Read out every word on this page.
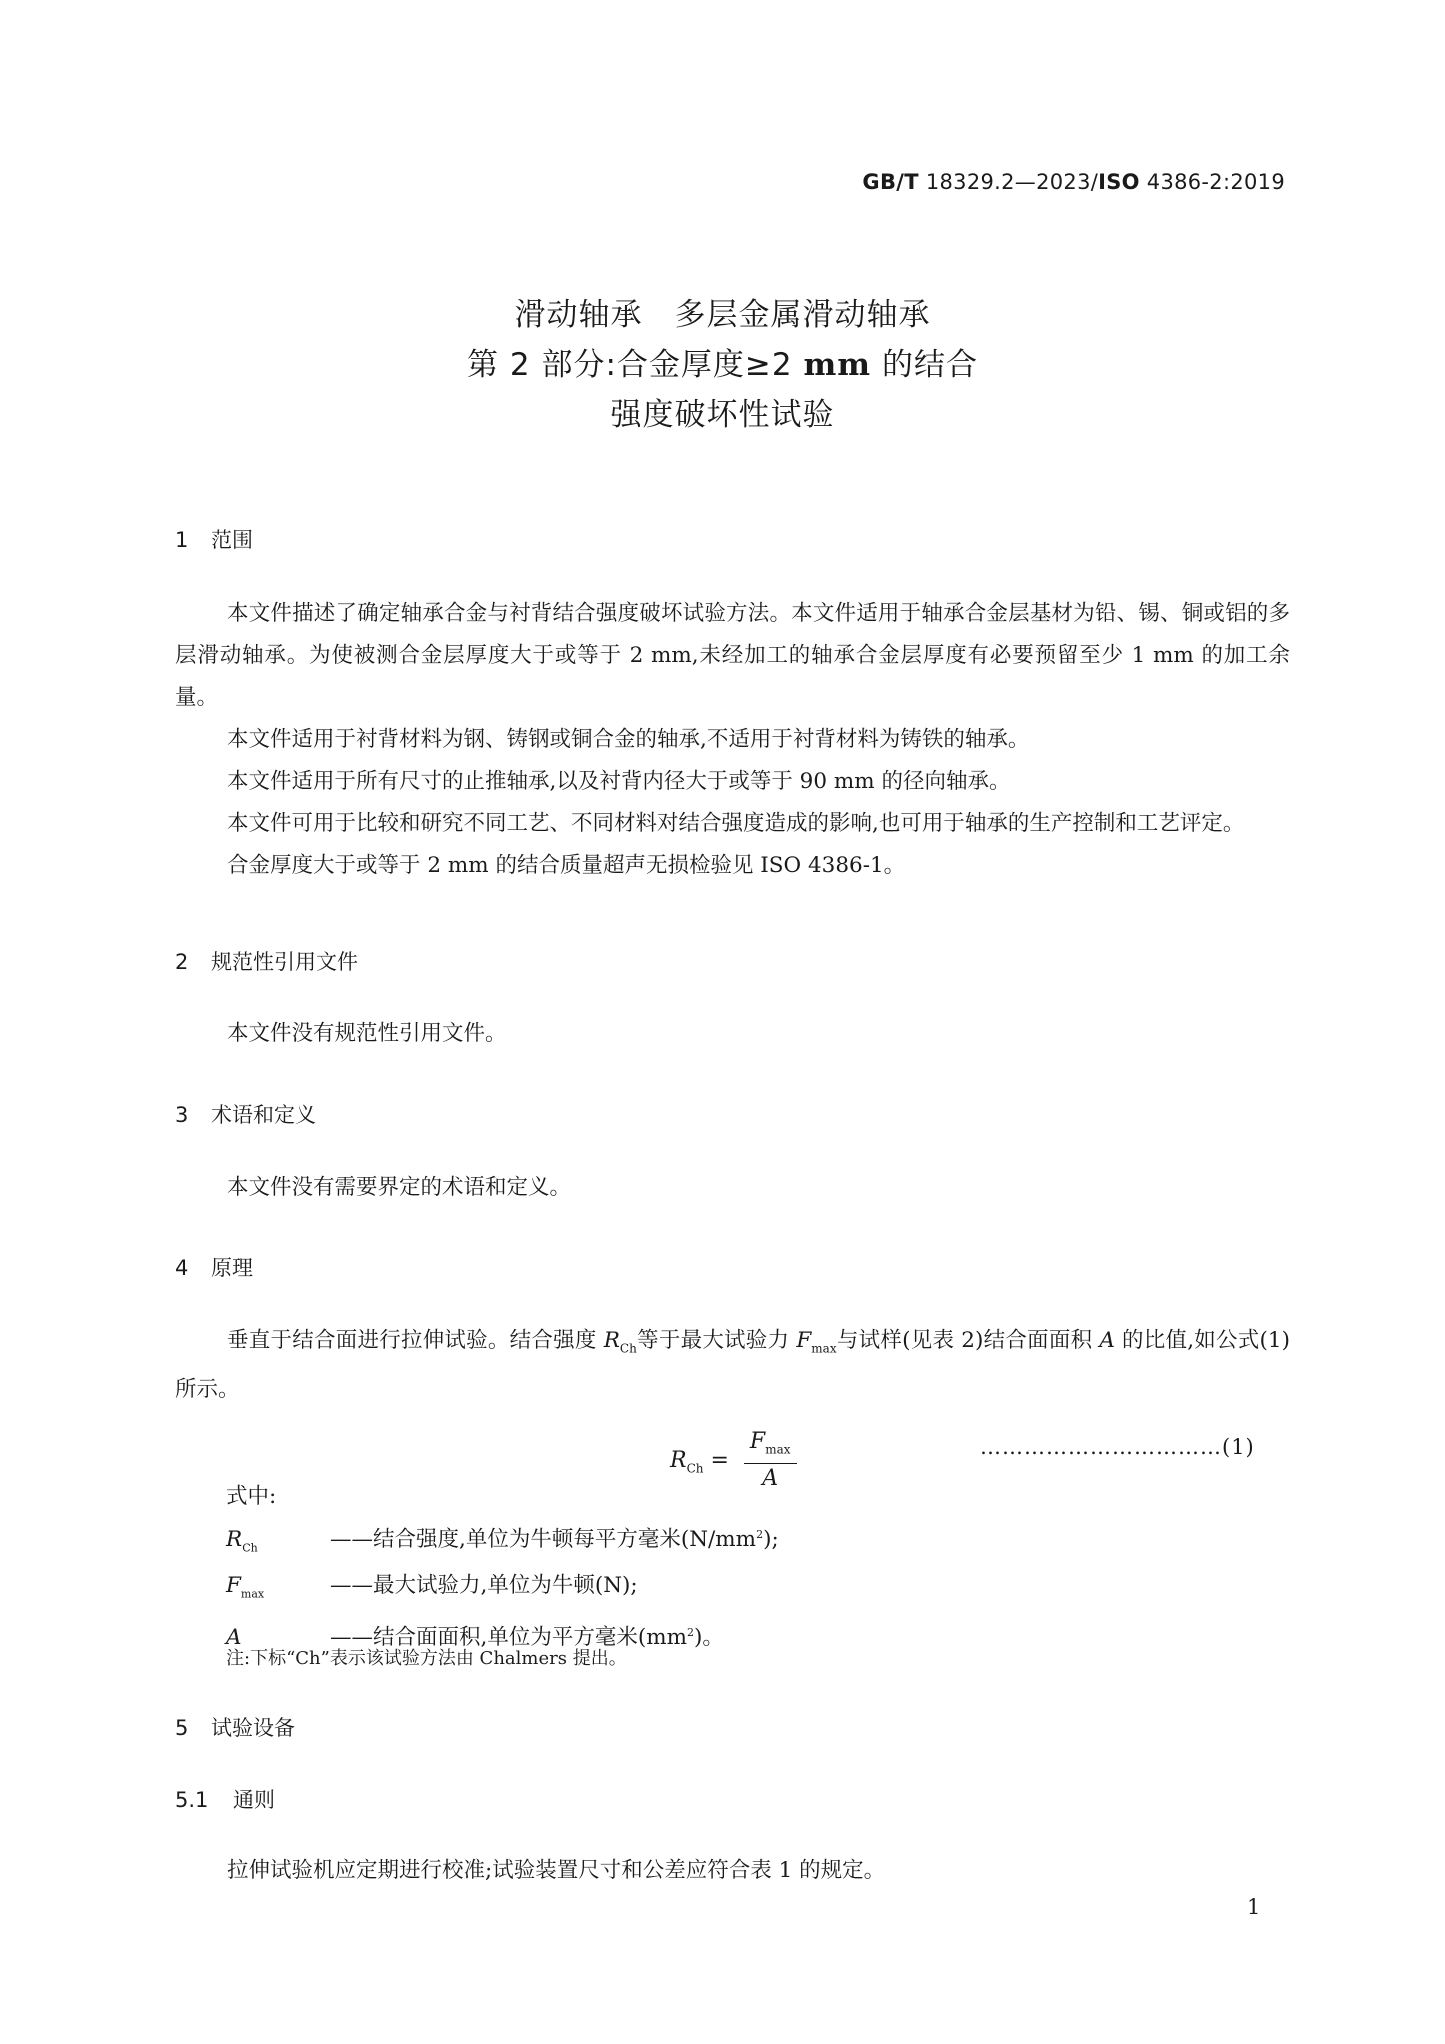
GB/T 18329.2—2023/ISO 4386-2:2019
滑动轴承　多层金属滑动轴承
第 2 部分:合金厚度≥2 mm 的结合
强度破坏性试验
1 范围
本文件描述了确定轴承合金与衬背结合强度破坏试验方法。本文件适用于轴承合金层基材为铅、锡、铜或铝的多层滑动轴承。为使被测合金层厚度大于或等于 2 mm,未经加工的轴承合金层厚度有必要预留至少 1 mm 的加工余量。
本文件适用于衬背材料为钢、铸钢或铜合金的轴承,不适用于衬背材料为铸铁的轴承。
本文件适用于所有尺寸的止推轴承,以及衬背内径大于或等于 90 mm 的径向轴承。
本文件可用于比较和研究不同工艺、不同材料对结合强度造成的影响,也可用于轴承的生产控制和工艺评定。
合金厚度大于或等于 2 mm 的结合质量超声无损检验见 ISO 4386-1。
2 规范性引用文件
本文件没有规范性引用文件。
3 术语和定义
本文件没有需要界定的术语和定义。
4 原理
垂直于结合面进行拉伸试验。结合强度 $R_{Ch}$等于最大试验力 $F_{max}$与试样(见表 2)结合面面积 A 的比值,如公式(1)所示。
$R_{Ch} = \frac{F_{max}}{A}$	……………………………(1)
式中:
$R_{Ch}$	——结合强度,单位为牛顿每平方毫米$(N/mm^2)$;
$F_{max}$	——最大试验力,单位为牛顿(N);
A	——结合面面积,单位为平方毫米$(mm^2)$。
注:下标“Ch”表示该试验方法由 Chalmers 提出。
5 试验设备
5.1 通则
拉伸试验机应定期进行校准;试验装置尺寸和公差应符合表 1 的规定。
1
